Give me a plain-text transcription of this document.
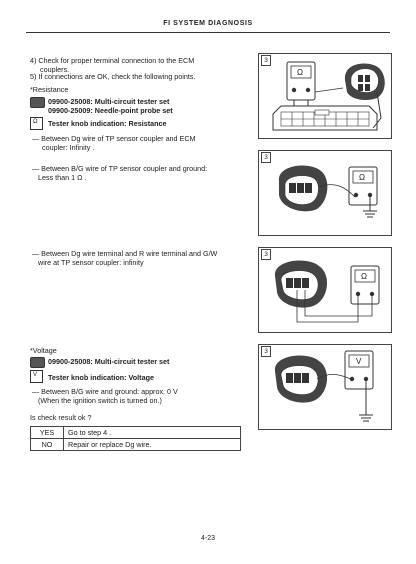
FI SYSTEM DIAGNOSIS
4) Check for proper terminal connection to the ECM
couplers.
5) If connections are OK, check the following points.
*Resistance
09900-25008: Multi-circuit tester set
09900-25009: Needle-point probe set
Ω Tester knob indication: Resistance
— Between Dg wire of TP sensor coupler and ECM
coupler: Infinity .
— Between B/G wire of TP sensor coupler and ground:
Less than 1 Ω .
— Between Dg wire terminal and R wire terminal and G/W
wire at TP sensor coupler: infinity
*Voltage
09900-25008: Multi-circuit tester set
V Tester knob indication: Voltage
— Between B/G wire and ground: approx. 0 V
(When the ignition switch is turned on.)
Is check result ok ?
YES	Go to step 4 .
NO	Repair or replace Dg wire.
3
Ω
3
Ω
3
Ω
3
V
4-23
